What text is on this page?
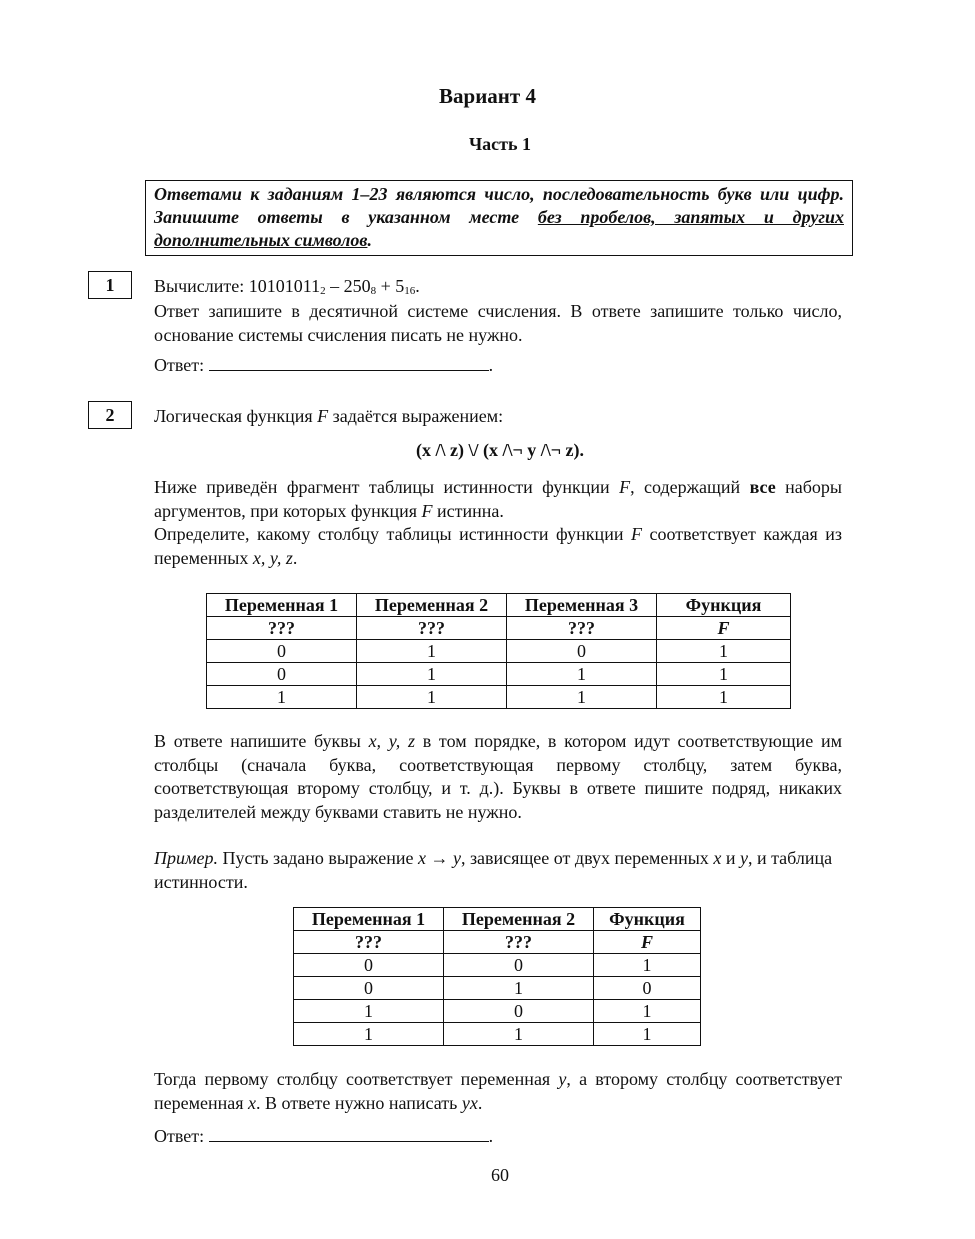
Вариант 4
Часть 1
Ответами к заданиям 1–23 являются число, последовательность букв или цифр. Запишите ответы в указанном месте без пробелов, запятых и других дополнительных символов.
1	Вычислите: $10101011_2 - 250_8 + 5_{16}$.
Ответ запишите в десятичной системе счисления. В ответе запишите только число, основание системы счисления писать не нужно.
Ответ:	.
2	Логическая функция F задаётся выражением:
(x /\ z) \/ (x /\¬ y /\¬ z).
Ниже приведён фрагмент таблицы истинности функции F, содержащий все наборы аргументов, при которых функция F истинна.
Определите, какому столбцу таблицы истинности функции F соответствует каждая из переменных x, y, z.
Переменная 1	Переменная 2	Переменная 3	Функция
???	???	???	F
0	1	0	1
0	1	1	1
1	1	1	1
В ответе напишите буквы x, y, z в том порядке, в котором идут соответствующие им столбцы (сначала буква, соответствующая первому столбцу, затем буква, соответствующая второму столбцу, и т. д.). Буквы в ответе пишите подряд, никаких разделителей между буквами ставить не нужно.
Пример. Пусть задано выражение x → y, зависящее от двух переменных x и y, и таблица истинности.
Переменная 1	Переменная 2	Функция
???	???	F
0	0	1
0	1	0
1	0	1
1	1	1
Тогда первому столбцу соответствует переменная y, а второму столбцу соответствует переменная x. В ответе нужно написать yx.
Ответ:	.
60
